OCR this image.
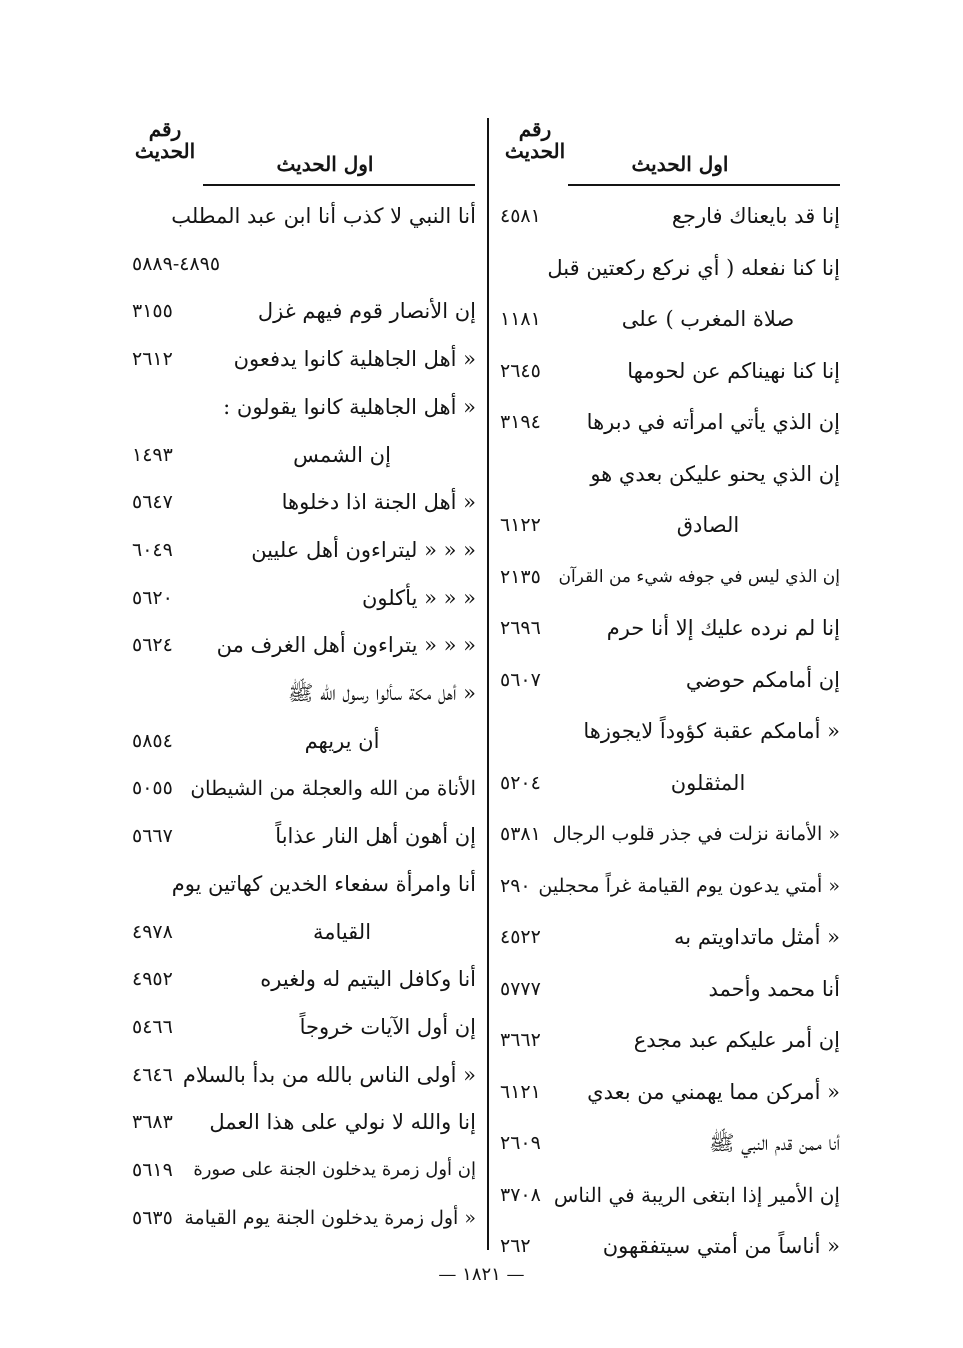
رقم
الحديث
اول الحديث
رقم
الحديث
اول الحديث
إنا قد بايعناك فارجع
٤٥٨١
إنا كنا نفعله ( أي نركع ركعتين قبل
صلاة المغرب ) على
١١٨١
إنا كنا نهيناكم عن لحومها
٢٦٤٥
إن الذي يأتي امرأته في دبرها
٣١٩٤
إن الذي يحنو عليكن بعدي هو
الصادق
٦١٢٢
إن الذي ليس في جوفه شيء من القرآن
٢١٣٥
إنا لم نرده عليك إلا أنا حرم
٢٦٩٦
إن أمامكم حوضي
٥٦٠٧
« أمامكم عقبة كؤوداً لايجوزها
المثقلون
٥٢٠٤
« الأمانة نزلت في جذر قلوب الرجال
٥٣٨١
« أمتي يدعون يوم القيامة غراً محجلين
٢٩٠
« أمثل ماتداويتم به
٤٥٢٢
أنا محمد وأحمد
٥٧٧٧
إن أمر عليكم عبد مجدع
٣٦٦٢
« أمركن مما يهمني من بعدي
٦١٢١
أنا ممن قدم النبي ﷺ
٢٦٠٩
إن الأمير إذا ابتغى الريبة في الناس
٣٧٠٨
« أناساً من أمتي سيتفقهون
٢٦٢
أنا النبي لا كذب أنا ابن عبد المطلب
٤٨٩٥-٥٨٨٩
إن الأنصار قوم فيهم غزل
٣١٥٥
« أهل الجاهلية كانوا يدفعون
٢٦١٢
« أهل الجاهلية كانوا يقولون :
إن الشمس
١٤٩٣
« أهل الجنة اذا دخلوها
٥٦٤٧
« « « ليتراءون أهل عليين
٦٠٤٩
« « « يأكلون
٥٦٢٠
« « « يتراءون أهل الغرف من
٥٦٢٤
« أهل مكة سألوا رسول الله ﷺ
أن يريهم
٥٨٥٤
الأناة من الله والعجلة من الشيطان
٥٠٥٥
إن أهون أهل النار عذاباً
٥٦٦٧
أنا وامرأة سفعاء الخدين كهاتين يوم
القيامة
٤٩٧٨
أنا وكافل اليتيم له ولغيره
٤٩٥٢
إن أول الآيات خروجاً
٥٤٦٦
« أولى الناس بالله من بدأ بالسلام
٤٦٤٦
إنا والله لا نولي على هذا العمل
٣٦٨٣
إن أول زمرة يدخلون الجنة على صورة
٥٦١٩
« أول زمرة يدخلون الجنة يوم القيامة
٥٦٣٥
— ١٨٢١ —
